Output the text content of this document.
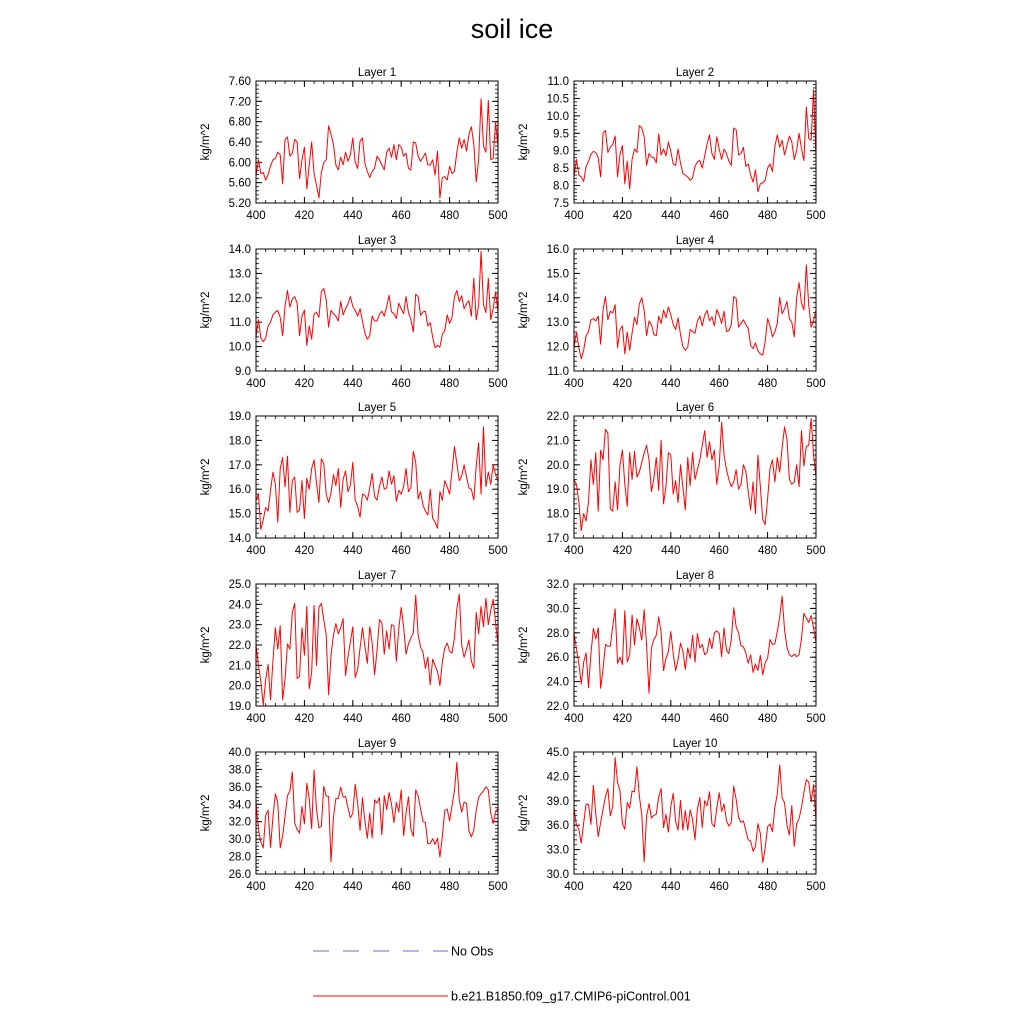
soil ice
Layer 1
kg/m^2
400	420	440	460	480	500
5.20
5.60
6.00
6.40
6.80
7.20
7.60
Layer 2
kg/m^2
400	420	440	460	480	500
7.5
8.0
8.5
9.0
9.5
10.0
10.5
11.0
Layer 3
kg/m^2
400	420	440	460	480	500
9.0
10.0
11.0
12.0
13.0
14.0
Layer 4
kg/m^2
400	420	440	460	480	500
11.0
12.0
13.0
14.0
15.0
16.0
Layer 5
kg/m^2
400	420	440	460	480	500
14.0
15.0
16.0
17.0
18.0
19.0
Layer 6
kg/m^2
400	420	440	460	480	500
17.0
18.0
19.0
20.0
21.0
22.0
Layer 7
kg/m^2
400	420	440	460	480	500
19.0
20.0
21.0
22.0
23.0
24.0
25.0
Layer 8
kg/m^2
400	420	440	460	480	500
22.0
24.0
26.0
28.0
30.0
32.0
Layer 9
kg/m^2
400	420	440	460	480	500
26.0
28.0
30.0
32.0
34.0
36.0
38.0
40.0
Layer 10
kg/m^2
400	420	440	460	480	500
30.0
33.0
36.0
39.0
42.0
45.0
No Obs
b.e21.B1850.f09_g17.CMIP6-piControl.001
